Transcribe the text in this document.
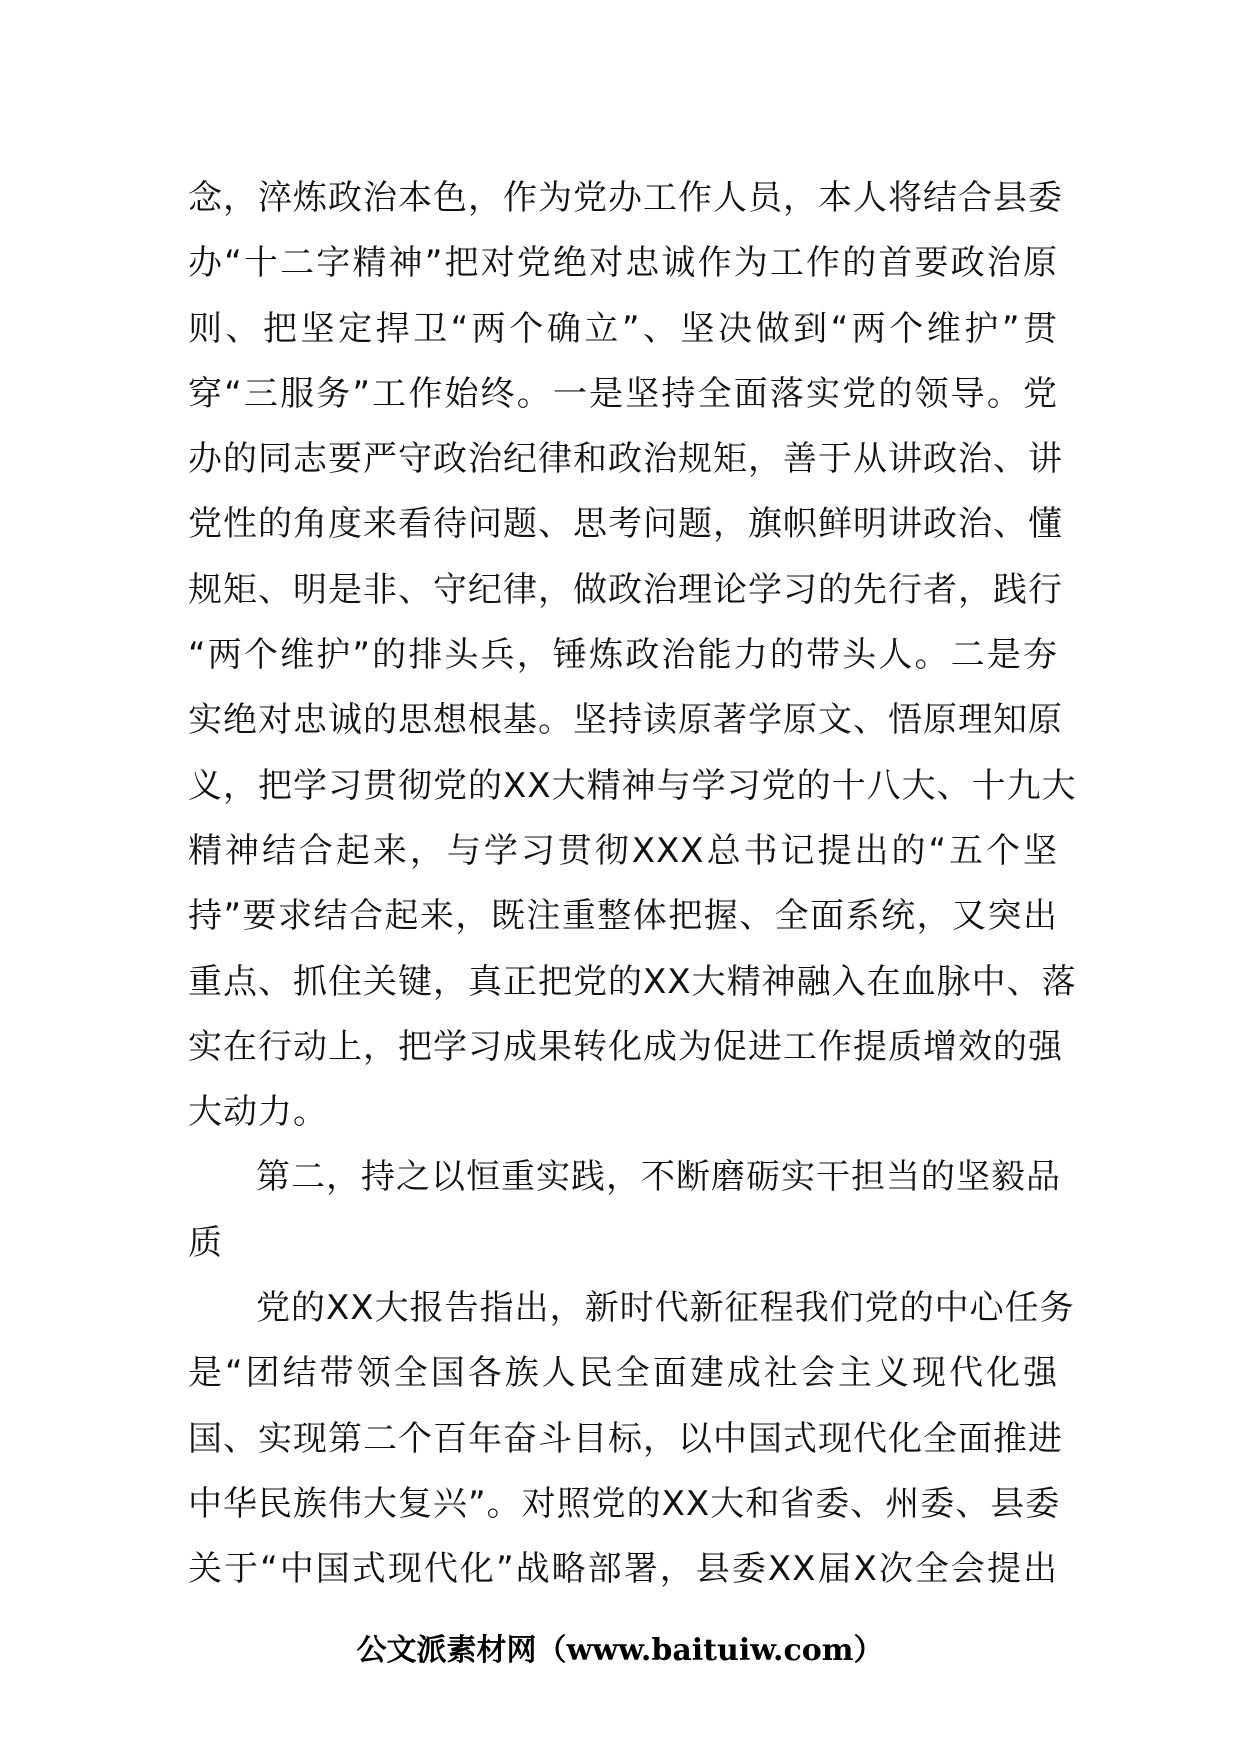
念，淬炼政治本色，作为党办工作人员，本人将结合县委
办“十二字精神”把对党绝对忠诚作为工作的首要政治原
则、把坚定捍卫“两个确立”、坚决做到“两个维护”贯
穿“三服务”工作始终。一是坚持全面落实党的领导。党
办的同志要严守政治纪律和政治规矩，善于从讲政治、讲
党性的角度来看待问题、思考问题，旗帜鲜明讲政治、懂
规矩、明是非、守纪律，做政治理论学习的先行者，践行
“两个维护”的排头兵，锤炼政治能力的带头人。二是夯
实绝对忠诚的思想根基。坚持读原著学原文、悟原理知原
义，把学习贯彻党的XX大精神与学习党的十八大、十九大
精神结合起来，与学习贯彻XXX总书记提出的“五个坚
持”要求结合起来，既注重整体把握、全面系统，又突出
重点、抓住关键，真正把党的XX大精神融入在血脉中、落
实在行动上，把学习成果转化成为促进工作提质增效的强
大动力。
第二，持之以恒重实践，不断磨砺实干担当的坚毅品
质
党的XX大报告指出，新时代新征程我们党的中心任务
是“团结带领全国各族人民全面建成社会主义现代化强
国、实现第二个百年奋斗目标，以中国式现代化全面推进
中华民族伟大复兴”。对照党的XX大和省委、州委、县委
关于“中国式现代化”战略部署，县委XX届X次全会提出
公文派素材网（www.baituiw.com）
